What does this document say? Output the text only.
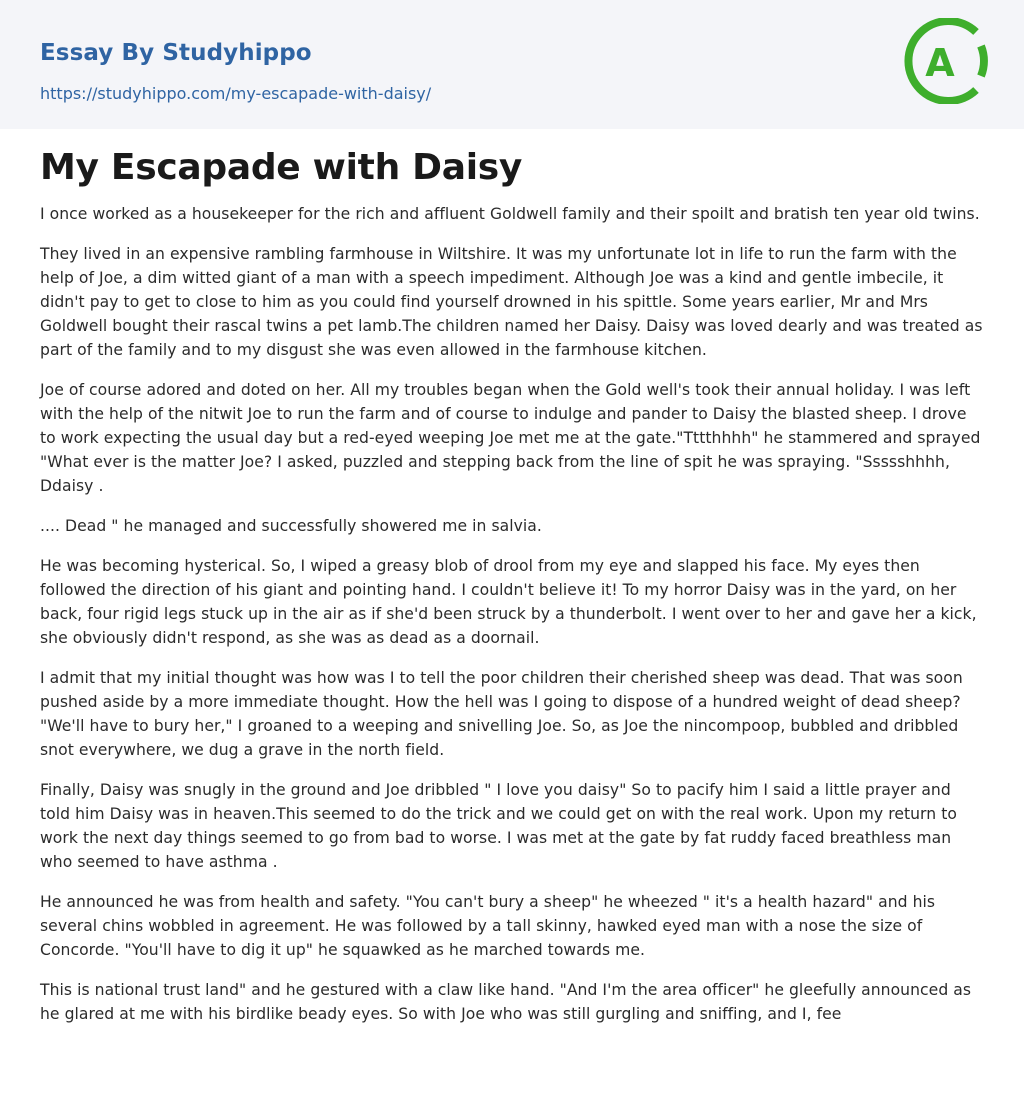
Essay By Studyhippo
https://studyhippo.com/my-escapade-with-daisy/
A
My Escapade with Daisy

I once worked as a housekeeper for the rich and affluent Goldwell family and their spoilt and bratish ten year old twins.

They lived in an expensive rambling farmhouse in Wiltshire. It was my unfortunate lot in life to run the farm with the help of Joe, a dim witted giant of a man with a speech impediment. Although Joe was a kind and gentle imbecile, it didn't pay to get to close to him as you could find yourself drowned in his spittle. Some years earlier, Mr and Mrs Goldwell bought their rascal twins a pet lamb.The children named her Daisy. Daisy was loved dearly and was treated as part of the family and to my disgust she was even allowed in the farmhouse kitchen.

Joe of course adored and doted on her. All my troubles began when the Gold well's took their annual holiday. I was left with the help of the nitwit Joe to run the farm and of course to indulge and pander to Daisy the blasted sheep. I drove to work expecting the usual day but a red-eyed weeping Joe met me at the gate."Tttthhhh" he stammered and sprayed "What ever is the matter Joe? I asked, puzzled and stepping back from the line of spit he was spraying. "Ssssshhhh, Ddaisy .

.... Dead " he managed and successfully showered me in salvia.

He was becoming hysterical. So, I wiped a greasy blob of drool from my eye and slapped his face. My eyes then followed the direction of his giant and pointing hand. I couldn't believe it! To my horror Daisy was in the yard, on her back, four rigid legs stuck up in the air as if she'd been struck by a thunderbolt. I went over to her and gave her a kick, she obviously didn't respond, as she was as dead as a doornail.

I admit that my initial thought was how was I to tell the poor children their cherished sheep was dead. That was soon pushed aside by a more immediate thought. How the hell was I going to dispose of a hundred weight of dead sheep? "We'll have to bury her," I groaned to a weeping and snivelling Joe. So, as Joe the nincompoop, bubbled and dribbled snot everywhere, we dug a grave in the north field.

Finally, Daisy was snugly in the ground and Joe dribbled " I love you daisy" So to pacify him I said a little prayer and told him Daisy was in heaven.This seemed to do the trick and we could get on with the real work. Upon my return to work the next day things seemed to go from bad to worse. I was met at the gate by fat ruddy faced breathless man who seemed to have asthma .

He announced he was from health and safety. "You can't bury a sheep" he wheezed " it's a health hazard" and his several chins wobbled in agreement. He was followed by a tall skinny, hawked eyed man with a nose the size of Concorde. "You'll have to dig it up" he squawked as he marched towards me.

This is national trust land" and he gestured with a claw like hand. "And I'm the area officer" he gleefully announced as he glared at me with his birdlike beady eyes. So with Joe who was still gurgling and sniffing, and I, fee
